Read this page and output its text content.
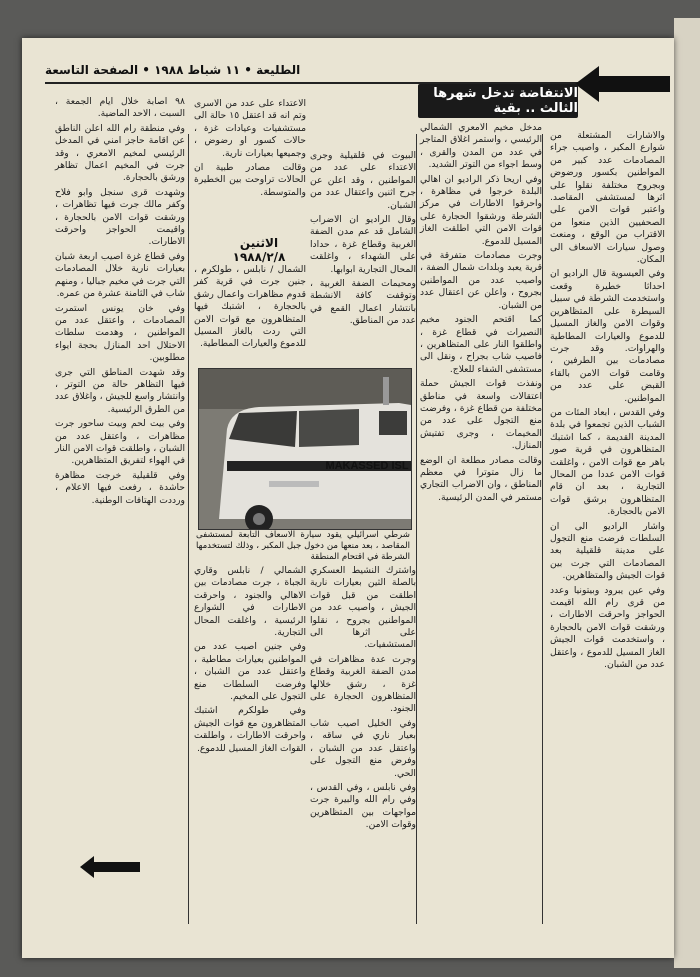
الطليعة • ١١ شباط ١٩٨٨ • الصفحة التاسعة
الانتفاضة تدخل شهرها الثالث .. بقية

والاشارات المشتعلة من شوارع المكبر ، واصيب جراء المصادمات عدد كبير من المواطنين بكسور ورضوض وبجروح مختلفة نقلوا على اثرها لمستشفى المقاصد. واعتبر قوات الامن على الصحفيين الذين منعوا من الاقتراب من الوقع ، ومنعت وصول سيارات الاسعاف الى المكان.

وفي العيسوية قال الراديو ان احداثا خطيرة وقعت واستخدمت الشرطة في سبيل السيطرة على المتظاهرين وقوات الامن والغاز المسيل للدموع والعيارات المطاطية والهراوات. وقد جرت مصادمات بين الطرفين ، وقامت قوات الامن بالقاء القبض على عدد من المواطنين.

وفي القدس ، ابعاد المئات من الشباب الذين تجمعوا في بلدة المدينة القديمة ، كما اشتبك المتظاهرون في قرية صور باهر مع قوات الامن ، واغلقت قوات الامن عددا من المحال التجارية ، بعد ان قام المتظاهرون برشق قوات الامن بالحجارة.

واشار الراديو الى ان السلطات فرضت منع التجول على مدينة قلقيلية بعد المصادمات التي جرت بين قوات الجيش والمتظاهرين.

وفي عين يبرود وبيتونيا وعدد من قرى رام الله اقيمت الحواجز واحرقت الاطارات ، ورشقت قوات الامن بالحجارة ، واستخدمت قوات الجيش الغاز المسيل للدموع ، واعتقل عدد من الشبان.

مدخل مخيم الامعري الشمالي الرئيسي ، واستمر اغلاق المتاجر في عدد من المدن والقرى ، وسط اجواء من التوتر الشديد.

وفي اريحا ذكر الراديو ان اهالي البلدة خرجوا في مظاهرة ، واحرقوا الاطارات في مركز الشرطة ورشقوا الحجارة على قوات الامن التي اطلقت الغاز المسيل للدموع.

وجرت مصادمات متفرقة في قرية يعبد وبلدات شمال الضفة ، واصيب عدد من المواطنين بجروح ، واعلن عن اعتقال عدد من الشبان.

كما اقتحم الجنود مخيم النصيرات في قطاع غزة ، واطلقوا النار على المتظاهرين ، فاصيب شاب بجراح ، ونقل الى مستشفى الشفاء للعلاج.

ونفذت قوات الجيش حملة اعتقالات واسعة في مناطق مختلفة من قطاع غزة ، وفرضت منع التجول على عدد من المخيمات ، وجرى تفتيش المنازل.

وقالت مصادر مطلعة ان الوضع ما زال متوترا في معظم المناطق ، وان الاضراب التجاري مستمر في المدن الرئيسية.

البيوت في قلقيلية وجرى الاعتداء على عدد من المواطنين ، وقد اعلن عن جرح اثنين واعتقال عدد من الشبان.

وقال الراديو ان الاضراب الشامل قد عم مدن الضفة الغربية وقطاع غزة ، حدادا على الشهداء ، واغلقت المحال التجارية ابوابها.

ومحيمات الضفة الغربية ، وتوقفت كافة الانشطة بانتشار اعمال القمع في عدد من المناطق.

الاعتداء على عدد من الاسرى وتم انه قد اعتقل ١٥ حالة الى مستشفيات وعيادات غزة ، حالات كسور او رضوض ، وجميعها بعيارات نارية.

وقالت مصادر طبية ان الحالات تراوحت بين الخطيرة والمتوسطة.

الاثنين ١٩٨٨/٢/٨

الشمال / نابلس ، طولكرم ، جنين جرت في قرية كفر قدوم مظاهرات واعمال رشق بالحجارة ، اشتبك فيها المتظاهرون مع قوات الامن التي ردت بالغاز المسيل للدموع والعيارات المطاطية.

MAKASSED ISL
شرطي اسرائيلي يقود سيارة الاسعاف التابعة لمستشفى المقاصد ، بعد منعها من دخول جبل المكبر ، وذلك لتستخدمها الشرطة في اقتحام المنطقة

واشترك النشيط العسكري بالصلة الثين بعيارات نارية اطلقت من قبل قوات الجيش ، واصيب عدد من المواطنين بجروح ، نقلوا على اثرها الى المستشفيات.

وجرت عدة مظاهرات في مدن الضفة الغربية وقطاع غزة ، رشق خلالها المتظاهرون الحجارة على الجنود.

وفي الخليل اصيب شاب بعيار ناري في ساقه ، واعتقل عدد من الشبان ، وفرض منع التجول على الحي.

وفي نابلس ، وفي القدس ، وفي رام الله والبيرة جرت مواجهات بين المتظاهرين وقوات الامن.

الشمالي / نابلس وقاري الجباة ، جرت مصادمات بين الاهالي والجنود ، واحرقت الاطارات في الشوارع الرئيسية ، واغلقت المحال التجارية.

وفي جنين اصيب عدد من المواطنين بعيارات مطاطية ، واعتقل عدد من الشبان ، وفرضت السلطات منع التجول على المخيم.

وفي طولكرم اشتبك المتظاهرون مع قوات الجيش واحرقت الاطارات ، واطلقت القوات الغاز المسيل للدموع.

٩٨ اصابة خلال ايام الجمعة ، السبت ، الاحد الماضية.

وفي منطقة رام الله اعلن الناطق عن اقامة حاجز امني في المدخل الرئيسي لمخيم الامعري ، وقد جرت في المخيم اعمال تظاهر ورشق بالحجارة.

وشهدت قرى سنجل وابو فلاح وكفر مالك جرت فيها تظاهرات ، ورشقت قوات الامن بالحجارة ، واقيمت الحواجز واحرقت الاطارات.

وفي قطاع غزة اصيب اربعة شبان بعيارات نارية خلال المصادمات التي جرت في مخيم جباليا ، ومنهم شاب في الثامنة عشرة من عمره.

وفي خان يونس استمرت المصادمات ، واعتقل عدد من المواطنين ، وهدمت سلطات الاحتلال احد المنازل بحجة ايواء مطلوبين.

وقد شهدت المناطق التي جرى فيها التظاهر حالة من التوتر ، وانتشار واسع للجيش ، واغلاق عدد من الطرق الرئيسية.

وفي بيت لحم وبيت ساحور جرت مظاهرات ، واعتقل عدد من الشبان ، واطلقت قوات الامن النار في الهواء لتفريق المتظاهرين.

وفي قلقيلية خرجت مظاهرة حاشدة ، رفعت فيها الاعلام ، ورددت الهتافات الوطنية.
